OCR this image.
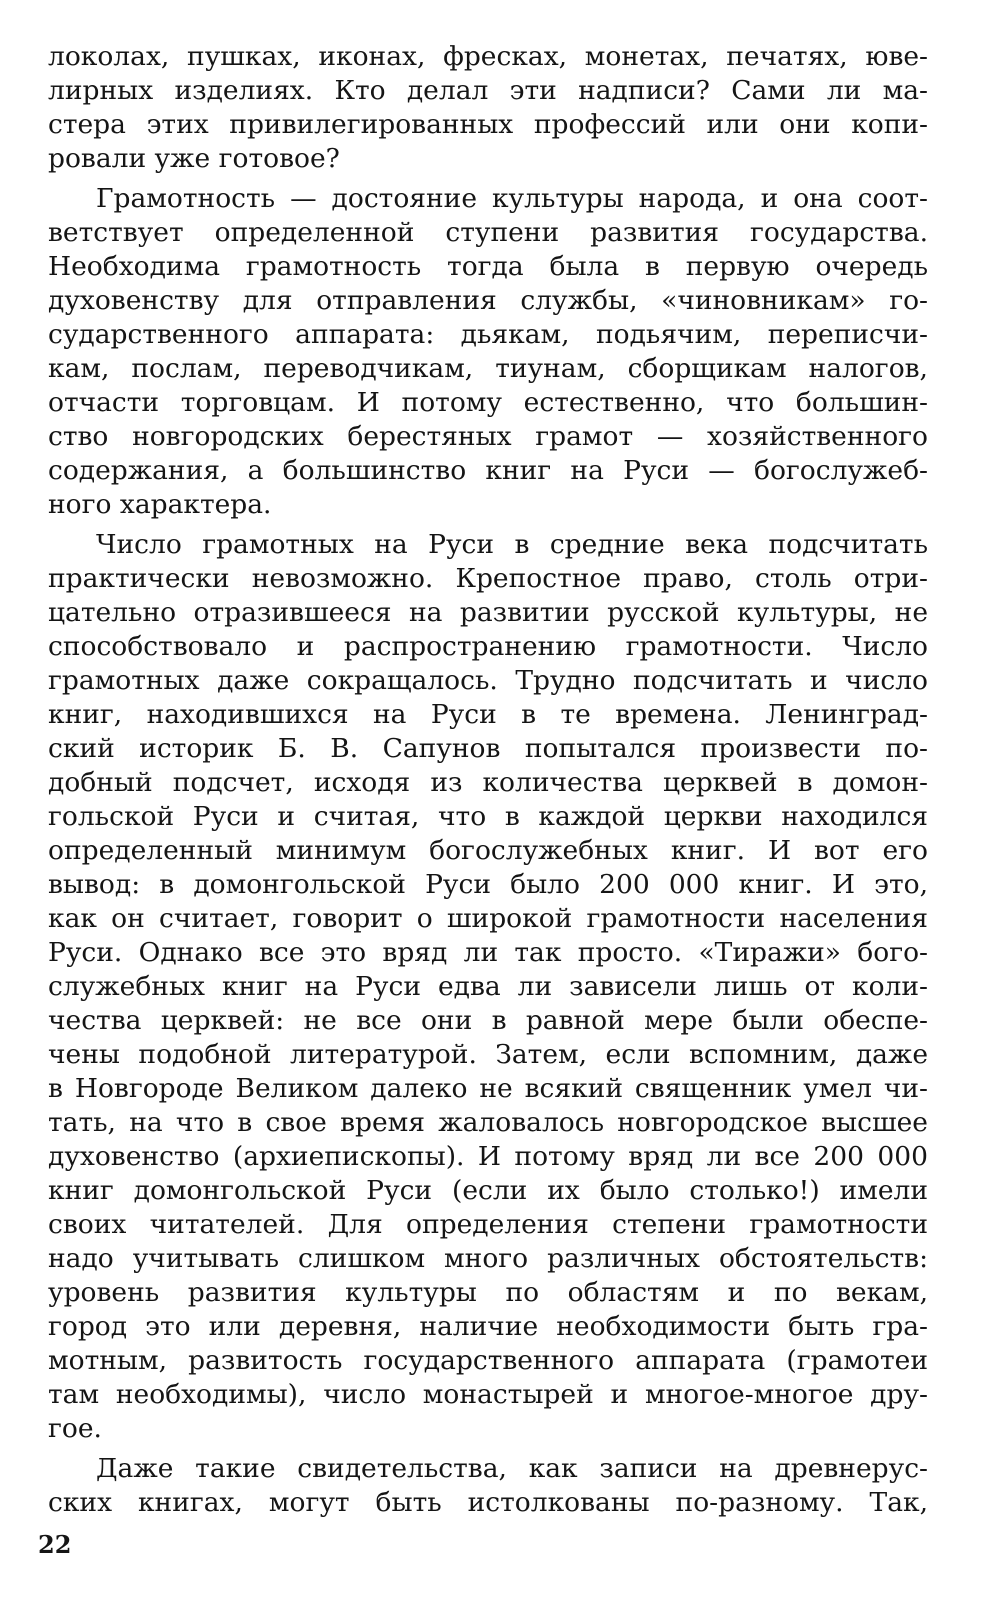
локолах, пушках, иконах, фресках, монетах, печатях, юве-
лирных изделиях. Кто делал эти надписи? Сами ли ма-
стера этих привилегированных профессий или они копи-
ровали уже готовое?
Грамотность — достояние культуры народа, и она соот-
ветствует определенной ступени развития государства.
Необходима грамотность тогда была в первую очередь
духовенству для отправления службы, «чиновникам» го-
сударственного аппарата: дьякам, подьячим, переписчи-
кам, послам, переводчикам, тиунам, сборщикам налогов,
отчасти торговцам. И потому естественно, что большин-
ство новгородских берестяных грамот — хозяйственного
содержания, а большинство книг на Руси — богослужеб-
ного характера.
Число грамотных на Руси в средние века подсчитать
практически невозможно. Крепостное право, столь отри-
цательно отразившееся на развитии русской культуры, не
способствовало и распространению грамотности. Число
грамотных даже сокращалось. Трудно подсчитать и число
книг, находившихся на Руси в те времена. Ленинград-
ский историк Б. В. Сапунов попытался произвести по-
добный подсчет, исходя из количества церквей в домон-
гольской Руси и считая, что в каждой церкви находился
определенный минимум богослужебных книг. И вот его
вывод: в домонгольской Руси было 200 000 книг. И это,
как он считает, говорит о широкой грамотности населения
Руси. Однако все это вряд ли так просто. «Тиражи» бого-
служебных книг на Руси едва ли зависели лишь от коли-
чества церквей: не все они в равной мере были обеспе-
чены подобной литературой. Затем, если вспомним, даже
в Новгороде Великом далеко не всякий священник умел чи-
тать, на что в свое время жаловалось новгородское высшее
духовенство (архиепископы). И потому вряд ли все 200 000
книг домонгольской Руси (если их было столько!) имели
своих читателей. Для определения степени грамотности
надо учитывать слишком много различных обстоятельств:
уровень развития культуры по областям и по векам,
город это или деревня, наличие необходимости быть гра-
мотным, развитость государственного аппарата (грамотеи
там необходимы), число монастырей и многое-многое дру-
гое.
Даже такие свидетельства, как записи на древнерус-
ских книгах, могут быть истолкованы по-разному. Так,
22
